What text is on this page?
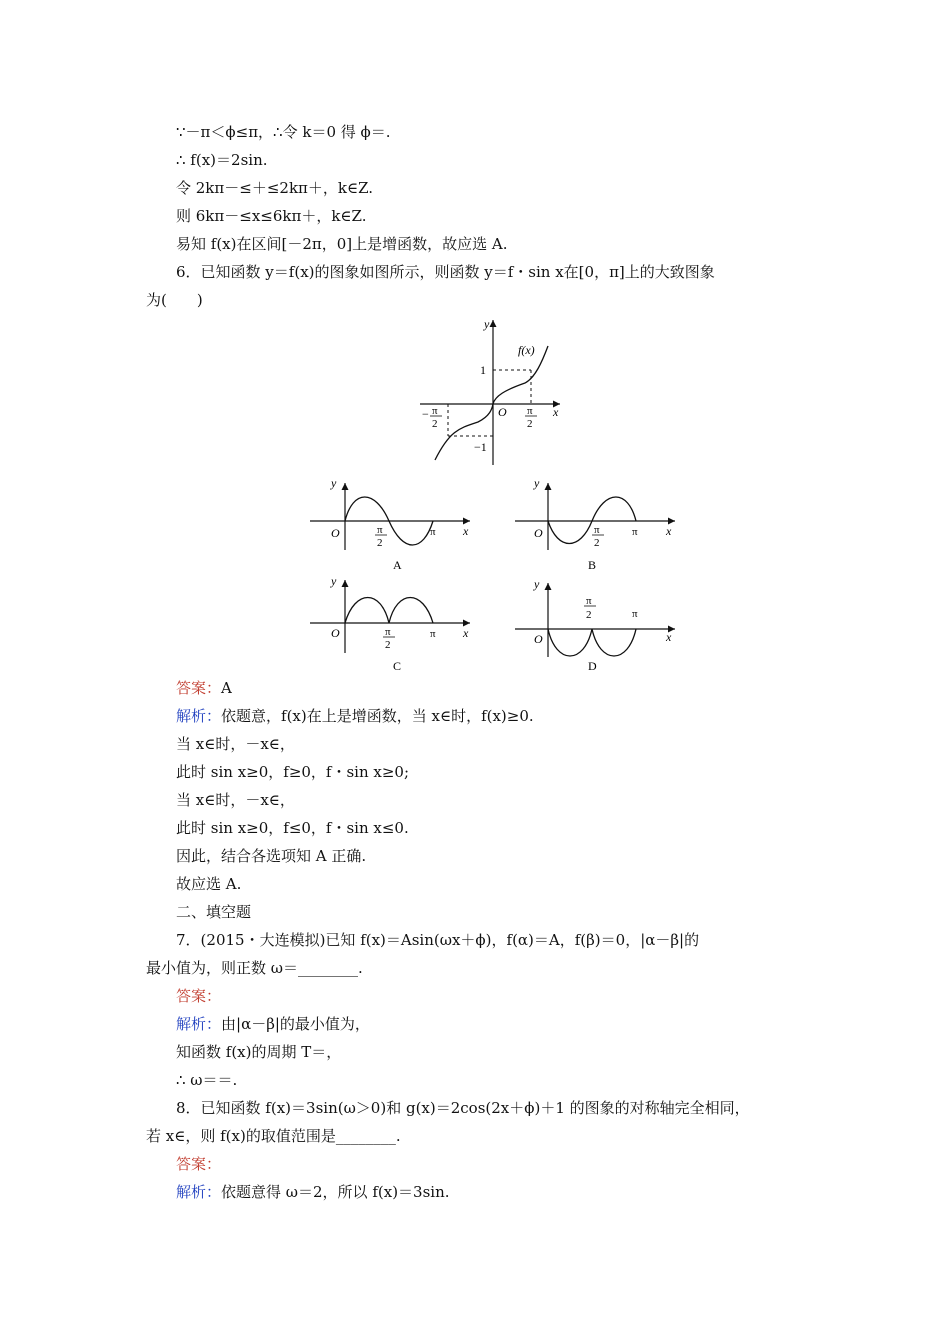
∵－π＜ϕ≤π，∴令 k＝0 得 ϕ＝.
∴ f(x)＝2sin.
令 2kπ－≤＋≤2kπ＋，k∈Z.
则 6kπ－≤x≤6kπ＋，k∈Z.
易知 f(x)在区间[－2π，0]上是增函数，故应选 A.
6．已知函数 y＝f(x)的图象如图所示，则函数 y＝f・sin x在[0，π]上的大致图象
为(　　)
y
f(x)
1
O	x
π
2
− π
2
−1
y
O	π
2
π x
A
y
O	π
2
π x
B
y
O	π
2
π x
C
y
O
π
2	π
x
D
答案：A
解析：依题意，f(x)在上是增函数，当 x∈时，f(x)≥0.
当 x∈时，－x∈，
此时 sin x≥0，f≥0，f・sin x≥0;
当 x∈时，－x∈，
此时 sin x≥0，f≤0，f・sin x≤0.
因此，结合各选项知 A 正确.
故应选 A.
二、填空题
7．(2015・大连模拟)已知 f(x)＝Asin(ωx＋ϕ)，f(α)＝A，f(β)＝0，|α－β|的
最小值为，则正数 ω＝________.
答案：
解析：由|α－β|的最小值为，
知函数 f(x)的周期 T＝，
∴ ω＝＝.
8．已知函数 f(x)＝3sin(ω＞0)和 g(x)＝2cos(2x＋ϕ)＋1 的图象的对称轴完全相同，
若 x∈，则 f(x)的取值范围是________.
答案：
解析：依题意得 ω＝2，所以 f(x)＝3sin.
